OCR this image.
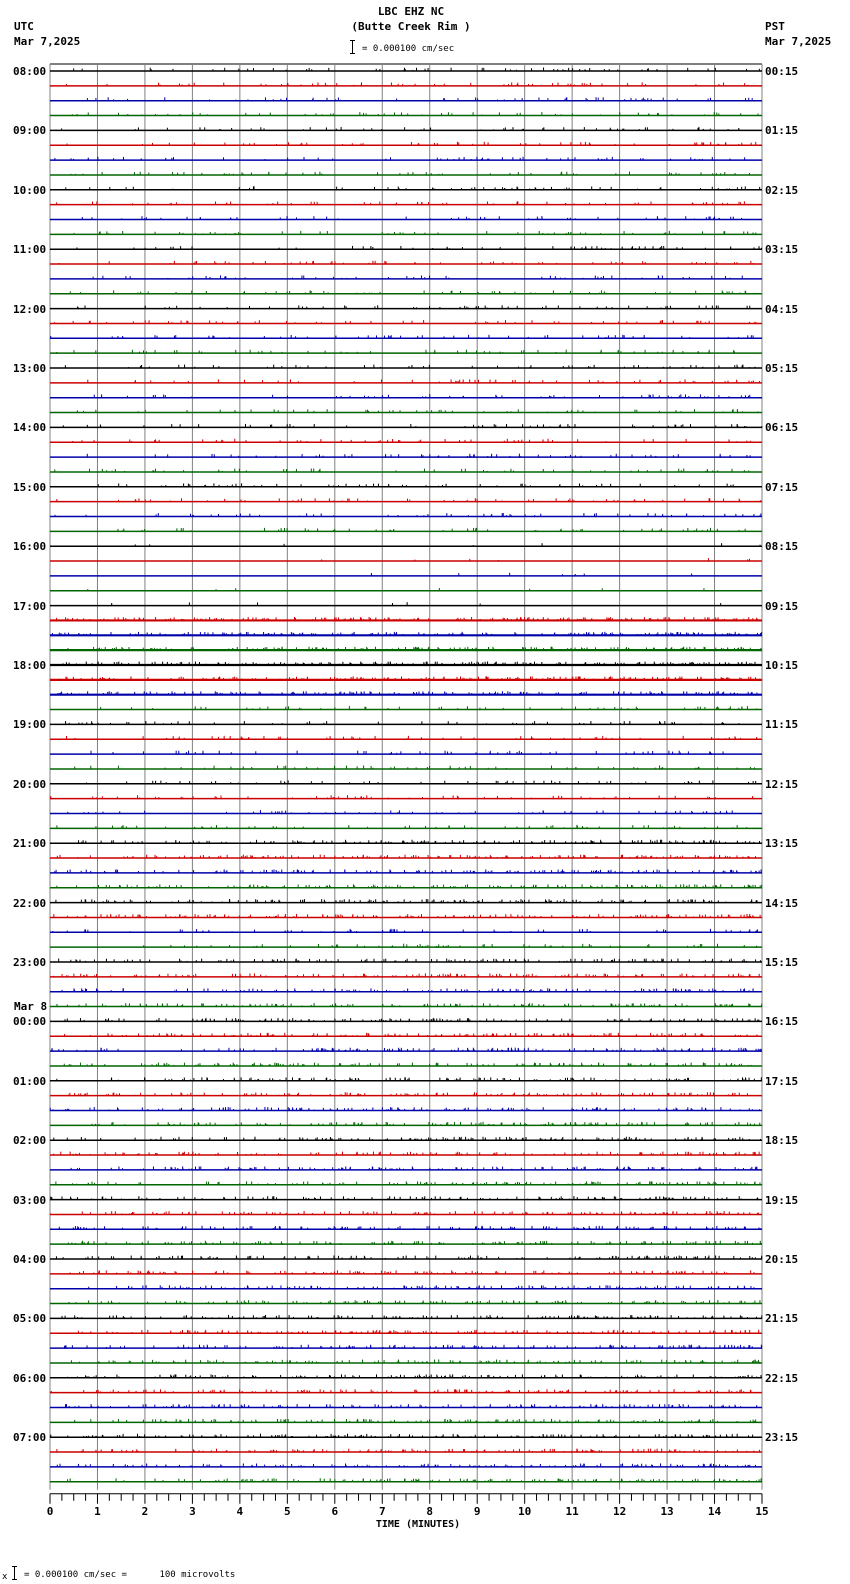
UTC
Mar 7,2025
PST
Mar 7,2025
LBC EHZ NC
(Butte Creek Rim )
= 0.000100 cm/sec
0	1	2	3	4	5	6	7	8	9	10	11	12	13	14	15
08:00
09:00
10:00
11:00
12:00
13:00
14:00
15:00
16:00
17:00
18:00
19:00
20:00
21:00
22:00
23:00
Mar 8
00:00
01:00
02:00
03:00
04:00
05:00
06:00
07:00
00:15
01:15
02:15
03:15
04:15
05:15
06:15
07:15
08:15
09:15
10:15
11:15
12:15
13:15
14:15
15:15
16:15
17:15
18:15
19:15
20:15
21:15
22:15
23:15
TIME (MINUTES)
x = 0.000100 cm/sec =      100 microvolts
